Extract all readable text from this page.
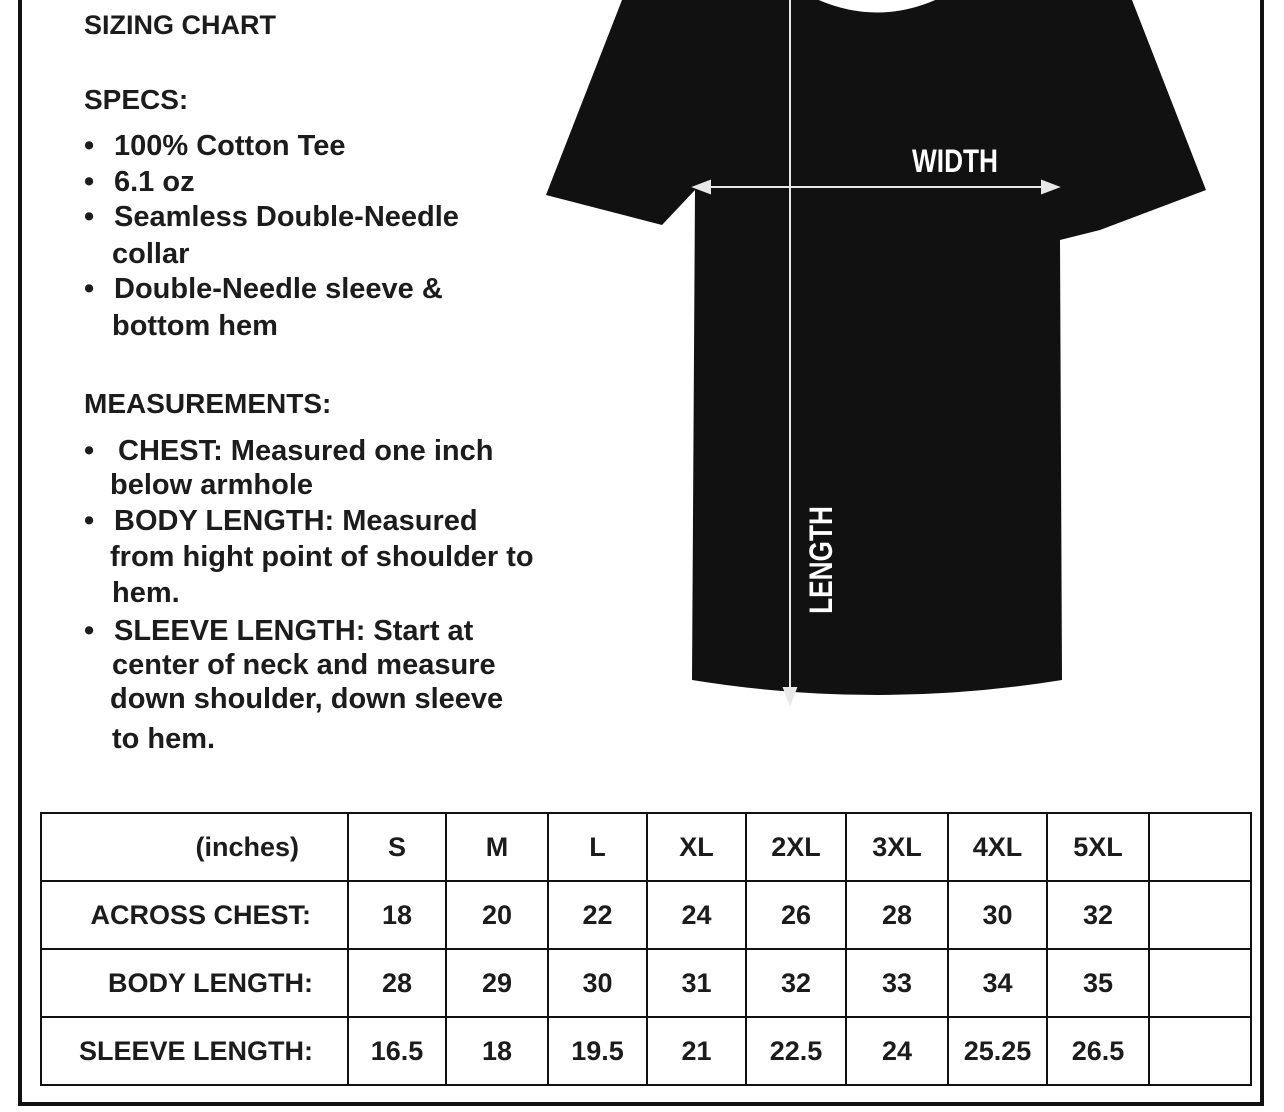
SIZING CHART
SPECS:
• 100% Cotton Tee
• 6.1 oz
• Seamless Double-Needle
collar
• Double-Needle sleeve &
bottom hem
MEASUREMENTS:
• CHEST: Measured one inch
below armhole
• BODY LENGTH: Measured
from hight point of shoulder to
hem.
• SLEEVE LENGTH: Start at
center of neck and measure
down shoulder, down sleeve
to hem.
WIDTH
LENGTH
(inches)	S	M	L	XL	2XL	3XL	4XL	5XL	
ACROSS CHEST:	18	20	22	24	26	28	30	32	
BODY LENGTH:	28	29	30	31	32	33	34	35	
SLEEVE LENGTH:	16.5	18	19.5	21	22.5	24	25.25	26.5	
